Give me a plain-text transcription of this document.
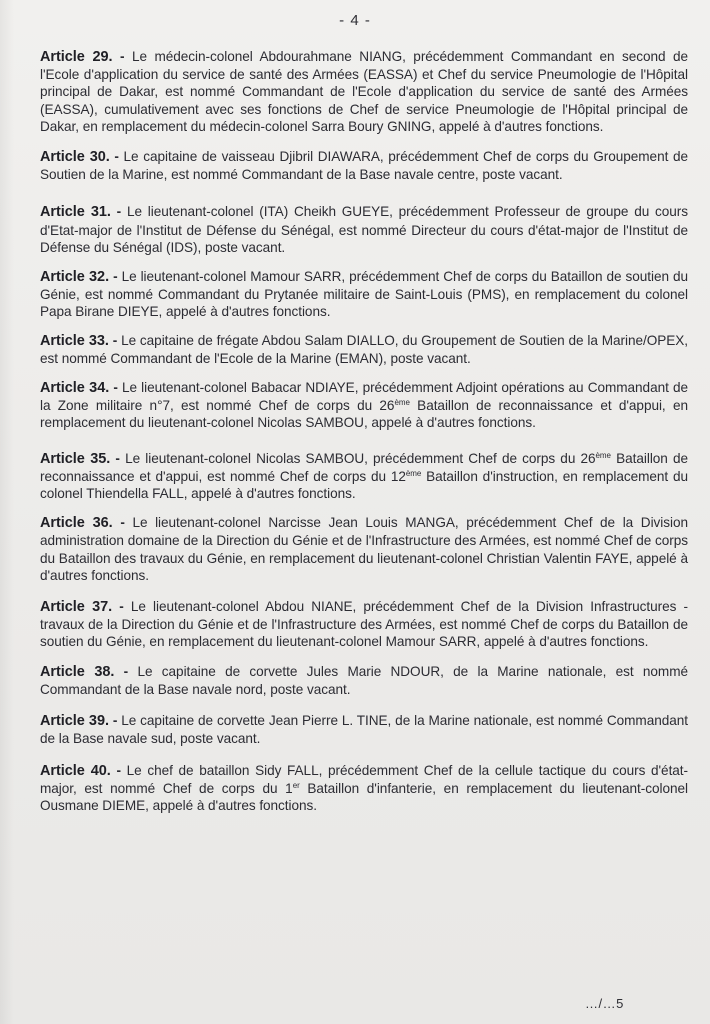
- 4 -

Article 29. - Le médecin-colonel Abdourahmane NIANG, précédemment Commandant en second de l'Ecole d'application du service de santé des Armées (EASSA) et Chef du service Pneumologie de l'Hôpital principal de Dakar, est nommé Commandant de l'Ecole d'application du service de santé des Armées (EASSA), cumulativement avec ses fonctions de Chef de service Pneumologie de l'Hôpital principal de Dakar, en remplacement du médecin-colonel Sarra Boury GNING, appelé à d'autres fonctions.

Article 30. - Le capitaine de vaisseau Djibril DIAWARA, précédemment Chef de corps du Groupement de Soutien de la Marine, est nommé Commandant de la Base navale centre, poste vacant.

Article 31. - Le lieutenant-colonel (ITA) Cheikh GUEYE, précédemment Professeur de groupe du cours d'Etat-major de l'Institut de Défense du Sénégal, est nommé Directeur du cours d'état-major de l'Institut de Défense du Sénégal (IDS), poste vacant.

Article 32. - Le lieutenant-colonel Mamour SARR, précédemment Chef de corps du Bataillon de soutien du Génie, est nommé Commandant du Prytanée militaire de Saint-Louis (PMS), en remplacement du colonel Papa Birane DIEYE, appelé à d'autres fonctions.

Article 33. - Le capitaine de frégate Abdou Salam DIALLO, du Groupement de Soutien de la Marine/OPEX, est nommé Commandant de l'Ecole de la Marine (EMAN), poste vacant.

Article 34. - Le lieutenant-colonel Babacar NDIAYE, précédemment Adjoint opérations au Commandant de la Zone militaire n°7, est nommé Chef de corps du 26ème Bataillon de reconnaissance et d'appui, en remplacement du lieutenant-colonel Nicolas SAMBOU, appelé à d'autres fonctions.

Article 35. - Le lieutenant-colonel Nicolas SAMBOU, précédemment Chef de corps du 26ème Bataillon de reconnaissance et d'appui, est nommé Chef de corps du 12ème Bataillon d'instruction, en remplacement du colonel Thiendella FALL, appelé à d'autres fonctions.

Article 36. - Le lieutenant-colonel Narcisse Jean Louis MANGA, précédemment Chef de la Division administration domaine de la Direction du Génie et de l'Infrastructure des Armées, est nommé Chef de corps du Bataillon des travaux du Génie, en remplacement du lieutenant-colonel Christian Valentin FAYE, appelé à d'autres fonctions.

Article 37. - Le lieutenant-colonel Abdou NIANE, précédemment Chef de la Division Infrastructures - travaux de la Direction du Génie et de l'Infrastructure des Armées, est nommé Chef de corps du Bataillon de soutien du Génie, en remplacement du lieutenant-colonel Mamour SARR, appelé à d'autres fonctions.

Article 38. - Le capitaine de corvette Jules Marie NDOUR, de la Marine nationale, est nommé Commandant de la Base navale nord, poste vacant.

Article 39. - Le capitaine de corvette Jean Pierre L. TINE, de la Marine nationale, est nommé Commandant de la Base navale sud, poste vacant.

Article 40. - Le chef de bataillon Sidy FALL, précédemment Chef de la cellule tactique du cours d'état-major, est nommé Chef de corps du 1er Bataillon d'infanterie, en remplacement du lieutenant-colonel Ousmane DIEME, appelé à d'autres fonctions.

…/…5
